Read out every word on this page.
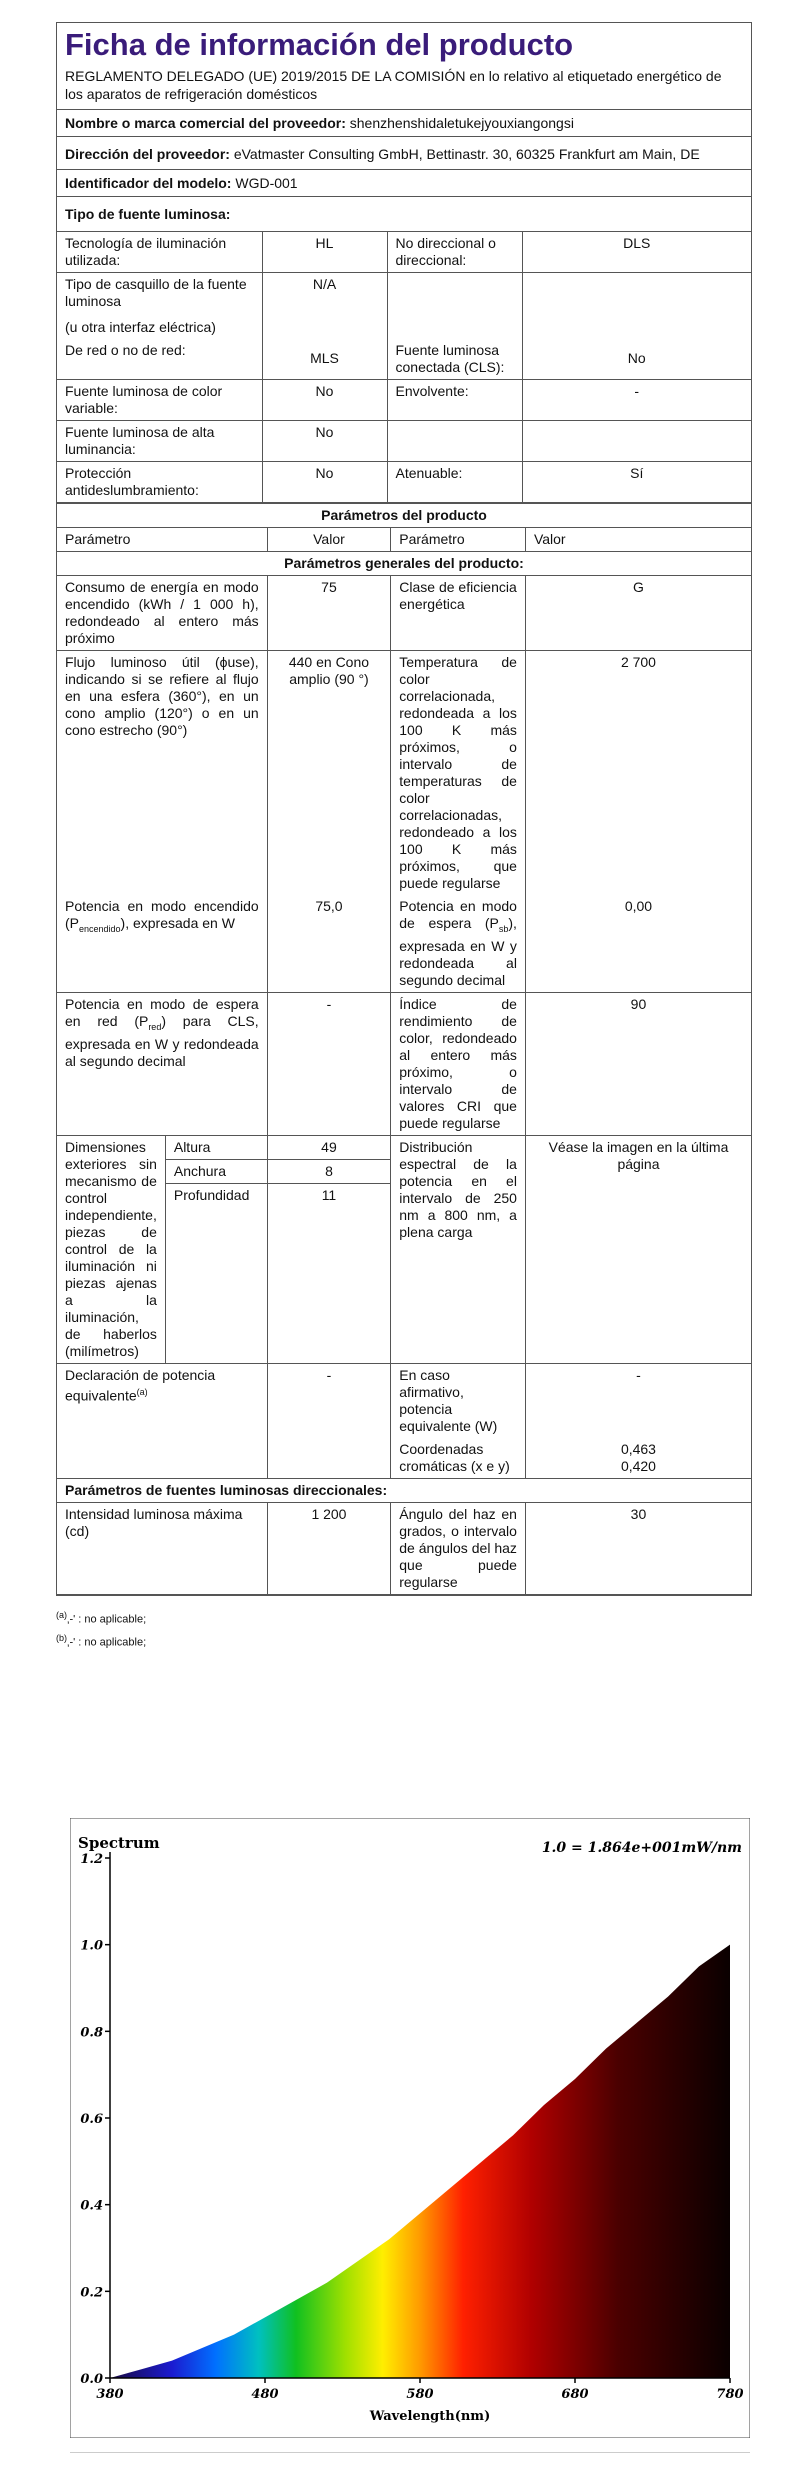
Ficha de información del producto
REGLAMENTO DELEGADO (UE) 2019/2015 DE LA COMISIÓN en lo relativo al etiquetado energético de los aparatos de refrigeración domésticos
Nombre o marca comercial del proveedor: shenzhenshidaletukejyouxiangongsi
Dirección del proveedor: eVatmaster Consulting GmbH, Bettinastr. 30, 60325 Frankfurt am Main, DE
Identificador del modelo: WGD-001
Tipo de fuente luminosa:
Tecnología de iluminación utilizada:	HL	No direccional o direccional:	DLS
Tipo de casquillo de la fuente luminosa	N/A		
(u otra interfaz eléctrica)			
De red o no de red:	MLS	Fuente luminosa conectada (CLS):	No
Fuente luminosa de color variable:	No	Envolvente:	-
Fuente luminosa de alta luminancia:	No		
Protección antideslumbramiento:	No	Atenuable:	Sí
Parámetros del producto				
Parámetro		Valor	Parámetro	Valor
Parámetros generales del producto:				
Consumo de energía en modo encendido (kWh / 1 000 h), redondeado al entero más próximo		75	Clase de eficiencia energética	G
Flujo luminoso útil (ϕuse), indicando si se refiere al flujo en una esfera (360°), en un cono amplio (120°) o en un cono estrecho (90°)		440 en Cono amplio (90 °)	Temperatura de color correlacionada, redondeada a los 100 K más próximos, o intervalo de temperaturas de color correlacionadas, redondeado a los 100 K más próximos, que puede regularse	2 700
Potencia en modo encendido $(P_{encendido})$, expresada en W		75,0	Potencia en modo de espera $(P_{sb})$, expresada en W y redondeada al segundo decimal	0,00
Potencia en modo de espera en red $(P_{red})$ para CLS, expresada en W y redondeada al segundo decimal		-	Índice de rendimiento de color, redondeado al entero más próximo, o intervalo de valores CRI que puede regularse	90
Dimensiones exteriores sin mecanismo de control independiente, piezas de control de la iluminación ni piezas ajenas a la iluminación, de haberlos (milímetros)	Altura	49	Distribución espectral de la potencia en el intervalo de 250 nm a 800 nm, a plena carga	Véase la imagen en la última página
	Anchura	8		
	Profundidad	11		
Declaración de potencia equivalente$^{(a)}$		-	En caso afirmativo, potencia equivalente (W)	-
			Coordenadas cromáticas (x e y)	0,463
0,420

Parámetros de fuentes luminosas direccionales:				
Intensidad luminosa máxima (cd)		1 200	Ángulo del haz en grados, o intervalo de ángulos del haz que puede regularse	30
$^{(a)}$‚-' : no aplicable;
$^{(b)}$‚-' : no aplicable;
Spectrum	1.0 = 1.864e+001mW/nm
0.0
0.2
0.4
0.6
0.8
1.0
1.2
380	480	580	680	780
Wavelength(nm)
